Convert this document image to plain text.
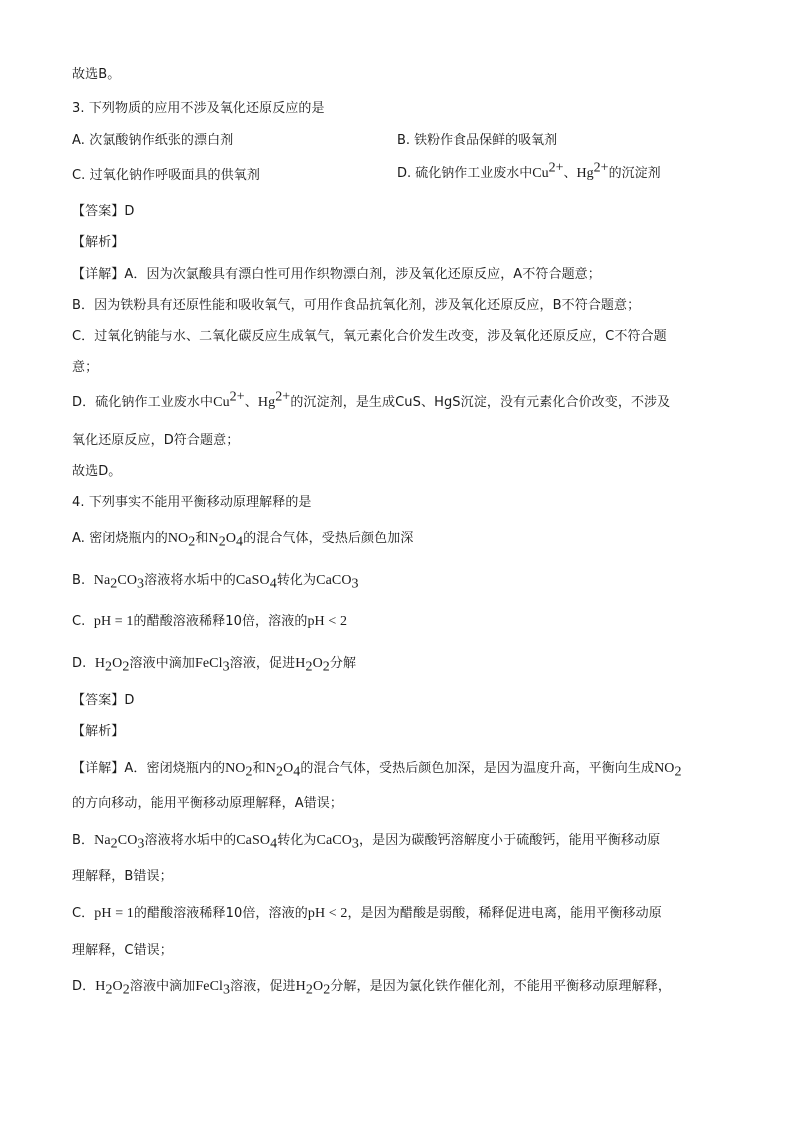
故选B。
3. 下列物质的应用不涉及氧化还原反应的是
A. 次氯酸钠作纸张的漂白剂	B. 铁粉作食品保鲜的吸氧剂
C. 过氧化钠作呼吸面具的供氧剂	D. 硫化钠作工业废水中$Cu^{2+}$、$Hg^{2+}$的沉淀剂
【答案】D
【解析】
【详解】A．因为次氯酸具有漂白性可用作织物漂白剂，涉及氧化还原反应，A不符合题意；
B．因为铁粉具有还原性能和吸收氧气，可用作食品抗氧化剂，涉及氧化还原反应，B不符合题意；
C．过氧化钠能与水、二氧化碳反应生成氧气，氧元素化合价发生改变，涉及氧化还原反应，C不符合题
意；
D．硫化钠作工业废水中$Cu^{2+}$、$Hg^{2+}$的沉淀剂，是生成CuS、HgS沉淀，没有元素化合价改变，不涉及
氧化还原反应，D符合题意；
故选D。
4. 下列事实不能用平衡移动原理解释的是
A. 密闭烧瓶内的$NO_2$和$N_2O_4$的混合气体，受热后颜色加深
B. $Na_2CO_3$溶液将水垢中的CaSO$_4$转化为CaCO$_3$
C. pH = 1的醋酸溶液稀释10倍，溶液的pH < 2
D. $H_2O_2$溶液中滴加FeCl$_3$溶液，促进$H_2O_2$分解
【答案】D
【解析】
【详解】A．密闭烧瓶内的$NO_2$和$N_2O_4$的混合气体，受热后颜色加深，是因为温度升高，平衡向生成$NO_2$
的方向移动，能用平衡移动原理解释，A错误；
B．$Na_2CO_3$溶液将水垢中的CaSO$_4$转化为CaCO$_3$，是因为碳酸钙溶解度小于硫酸钙，能用平衡移动原
理解释，B错误；
C．pH = 1的醋酸溶液稀释10倍，溶液的pH < 2，是因为醋酸是弱酸，稀释促进电离，能用平衡移动原
理解释，C错误；
D．$H_2O_2$溶液中滴加FeCl$_3$溶液，促进$H_2O_2$分解，是因为氯化铁作催化剂，不能用平衡移动原理解释，
